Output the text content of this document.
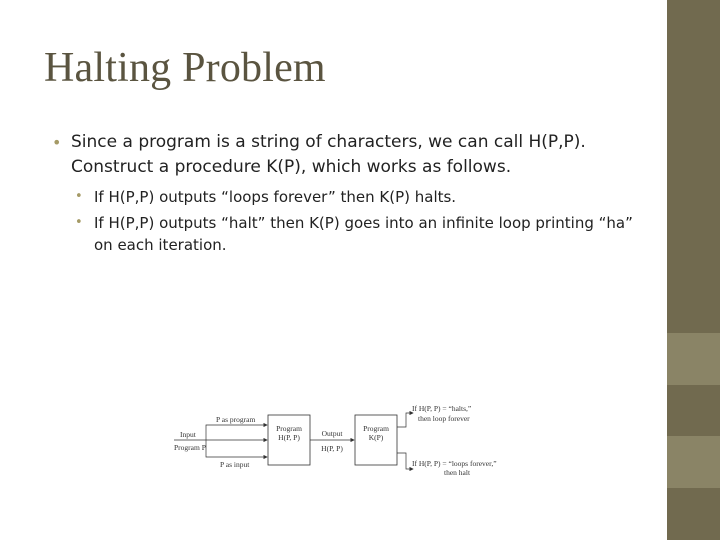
Halting Problem
• Since a program is a string of characters, we can call H(P,P). Construct a procedure K(P), which works as follows.
• If H(P,P) outputs “loops forever” then K(P) halts.
• If H(P,P) outputs “halt” then K(P) goes into an infinite loop printing “ha” on each iteration.
P as program
Input
Program P
P as input
Program
H(P, P)	Output
H(P, P)
Program
K(P)
If H(P, P) = “halts,”
then loop forever
If H(P, P) = “loops forever,”
then halt
